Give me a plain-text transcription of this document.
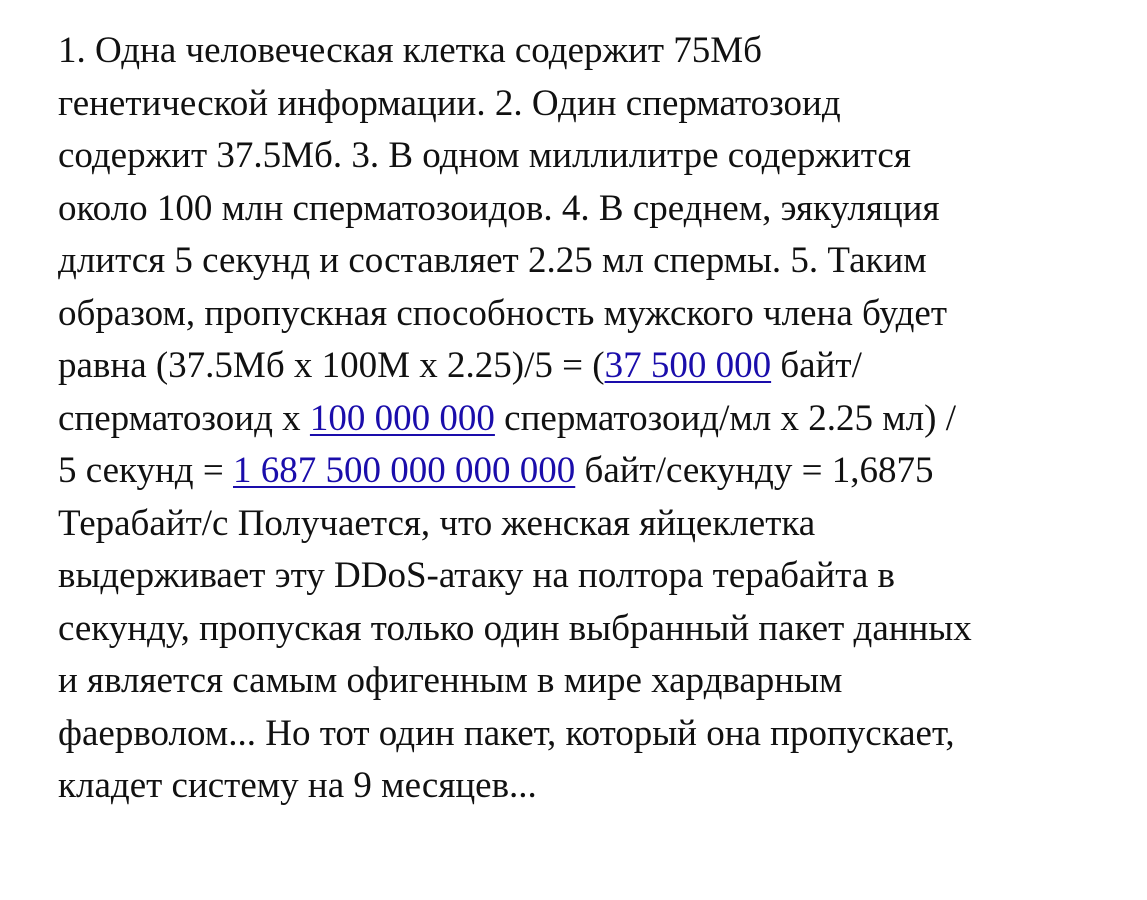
1. Одна человеческая клетка содержит 75Мб
генетической информации. 2. Один сперматозоид
содержит 37.5Мб. 3. В одном миллилитре содержится
около 100 млн сперматозоидов. 4. В среднем, эякуляция
длится 5 секунд и составляет 2.25 мл спермы. 5. Таким
образом, пропускная способность мужского члена будет
равна (37.5Мб x 100М x 2.25)/5 = (37 500 000 байт/
сперматозоид x 100 000 000 сперматозоид/мл x 2.25 мл) /
5 секунд = 1 687 500 000 000 000 байт/секунду = 1,6875
Терабайт/с Получается, что женская яйцеклетка
выдерживает эту DDoS-атаку на полтора терабайта в
секунду, пропуская только один выбранный пакет данных
и является самым офигенным в мире хардварным
фаерволом... Но тот один пакет, который она пропускает,
кладет систему на 9 месяцев...
